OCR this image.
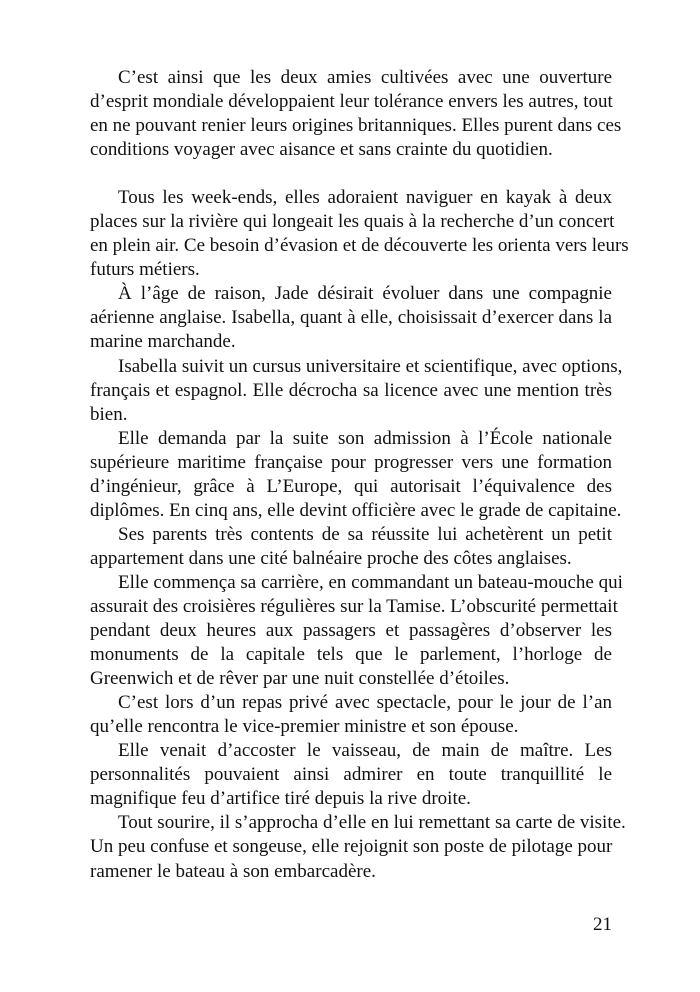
C’est ainsi que les deux amies cultivées avec une ouverture
d’esprit mondiale développaient leur tolérance envers les autres, tout
en ne pouvant renier leurs origines britanniques. Elles purent dans ces
conditions voyager avec aisance et sans crainte du quotidien.

Tous les week-ends, elles adoraient naviguer en kayak à deux
places sur la rivière qui longeait les quais à la recherche d’un concert
en plein air. Ce besoin d’évasion et de découverte les orienta vers leurs
futurs métiers.

À l’âge de raison, Jade désirait évoluer dans une compagnie
aérienne anglaise. Isabella, quant à elle, choisissait d’exercer dans la
marine marchande.

Isabella suivit un cursus universitaire et scientifique, avec options,
français et espagnol. Elle décrocha sa licence avec une mention très
bien.

Elle demanda par la suite son admission à l’École nationale
supérieure maritime française pour progresser vers une formation
d’ingénieur, grâce à L’Europe, qui autorisait l’équivalence des
diplômes. En cinq ans, elle devint officière avec le grade de capitaine.

Ses parents très contents de sa réussite lui achetèrent un petit
appartement dans une cité balnéaire proche des côtes anglaises.

Elle commença sa carrière, en commandant un bateau-mouche qui
assurait des croisières régulières sur la Tamise. L’obscurité permettait
pendant deux heures aux passagers et passagères d’observer les
monuments de la capitale tels que le parlement, l’horloge de
Greenwich et de rêver par une nuit constellée d’étoiles.

C’est lors d’un repas privé avec spectacle, pour le jour de l’an
qu’elle rencontra le vice-premier ministre et son épouse.

Elle venait d’accoster le vaisseau, de main de maître. Les
personnalités pouvaient ainsi admirer en toute tranquillité le
magnifique feu d’artifice tiré depuis la rive droite.

Tout sourire, il s’approcha d’elle en lui remettant sa carte de visite.
Un peu confuse et songeuse, elle rejoignit son poste de pilotage pour
ramener le bateau à son embarcadère.

21
